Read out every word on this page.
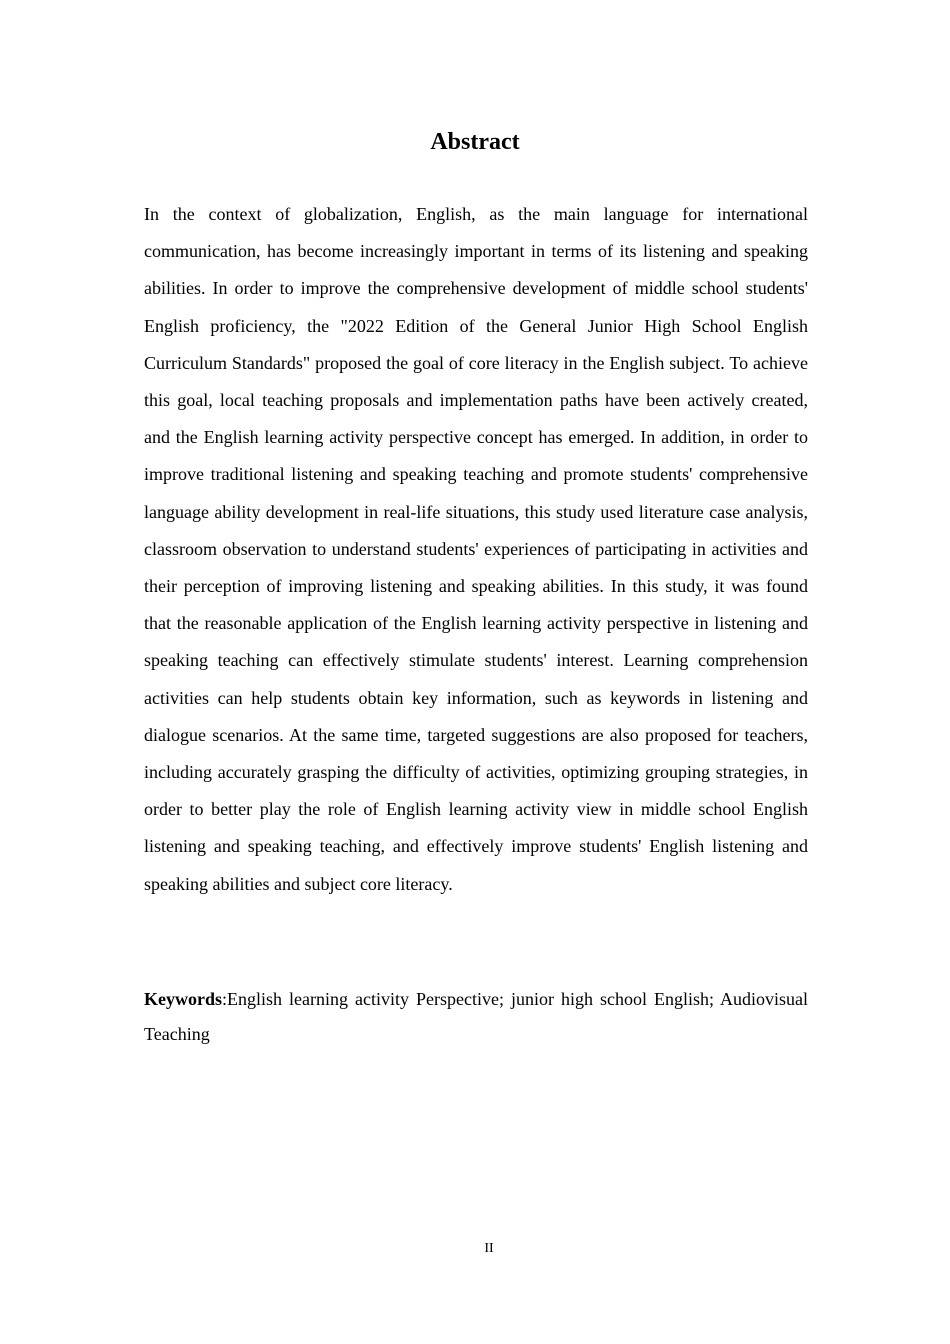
Abstract

In the context of globalization, English, as the main language for international communication, has become increasingly important in terms of its listening and speaking abilities. In order to improve the comprehensive development of middle school students' English proficiency, the "2022 Edition of the General Junior High School English Curriculum Standards" proposed the goal of core literacy in the English subject. To achieve this goal, local teaching proposals and implementation paths have been actively created, and the English learning activity perspective concept has emerged. In addition, in order to improve traditional listening and speaking teaching and promote students' comprehensive language ability development in real-life situations, this study used literature case analysis, classroom observation to understand students' experiences of participating in activities and their perception of improving listening and speaking abilities. In this study, it was found that the reasonable application of the English learning activity perspective in listening and speaking teaching can effectively stimulate students' interest. Learning comprehension activities can help students obtain key information, such as keywords in listening and dialogue scenarios. At the same time, targeted suggestions are also proposed for teachers, including accurately grasping the difficulty of activities, optimizing grouping strategies, in order to better play the role of English learning activity view in middle school English listening and speaking teaching, and effectively improve students' English listening and speaking abilities and subject core literacy.

Keywords:English learning activity Perspective; junior high school English; Audiovisual Teaching

II
